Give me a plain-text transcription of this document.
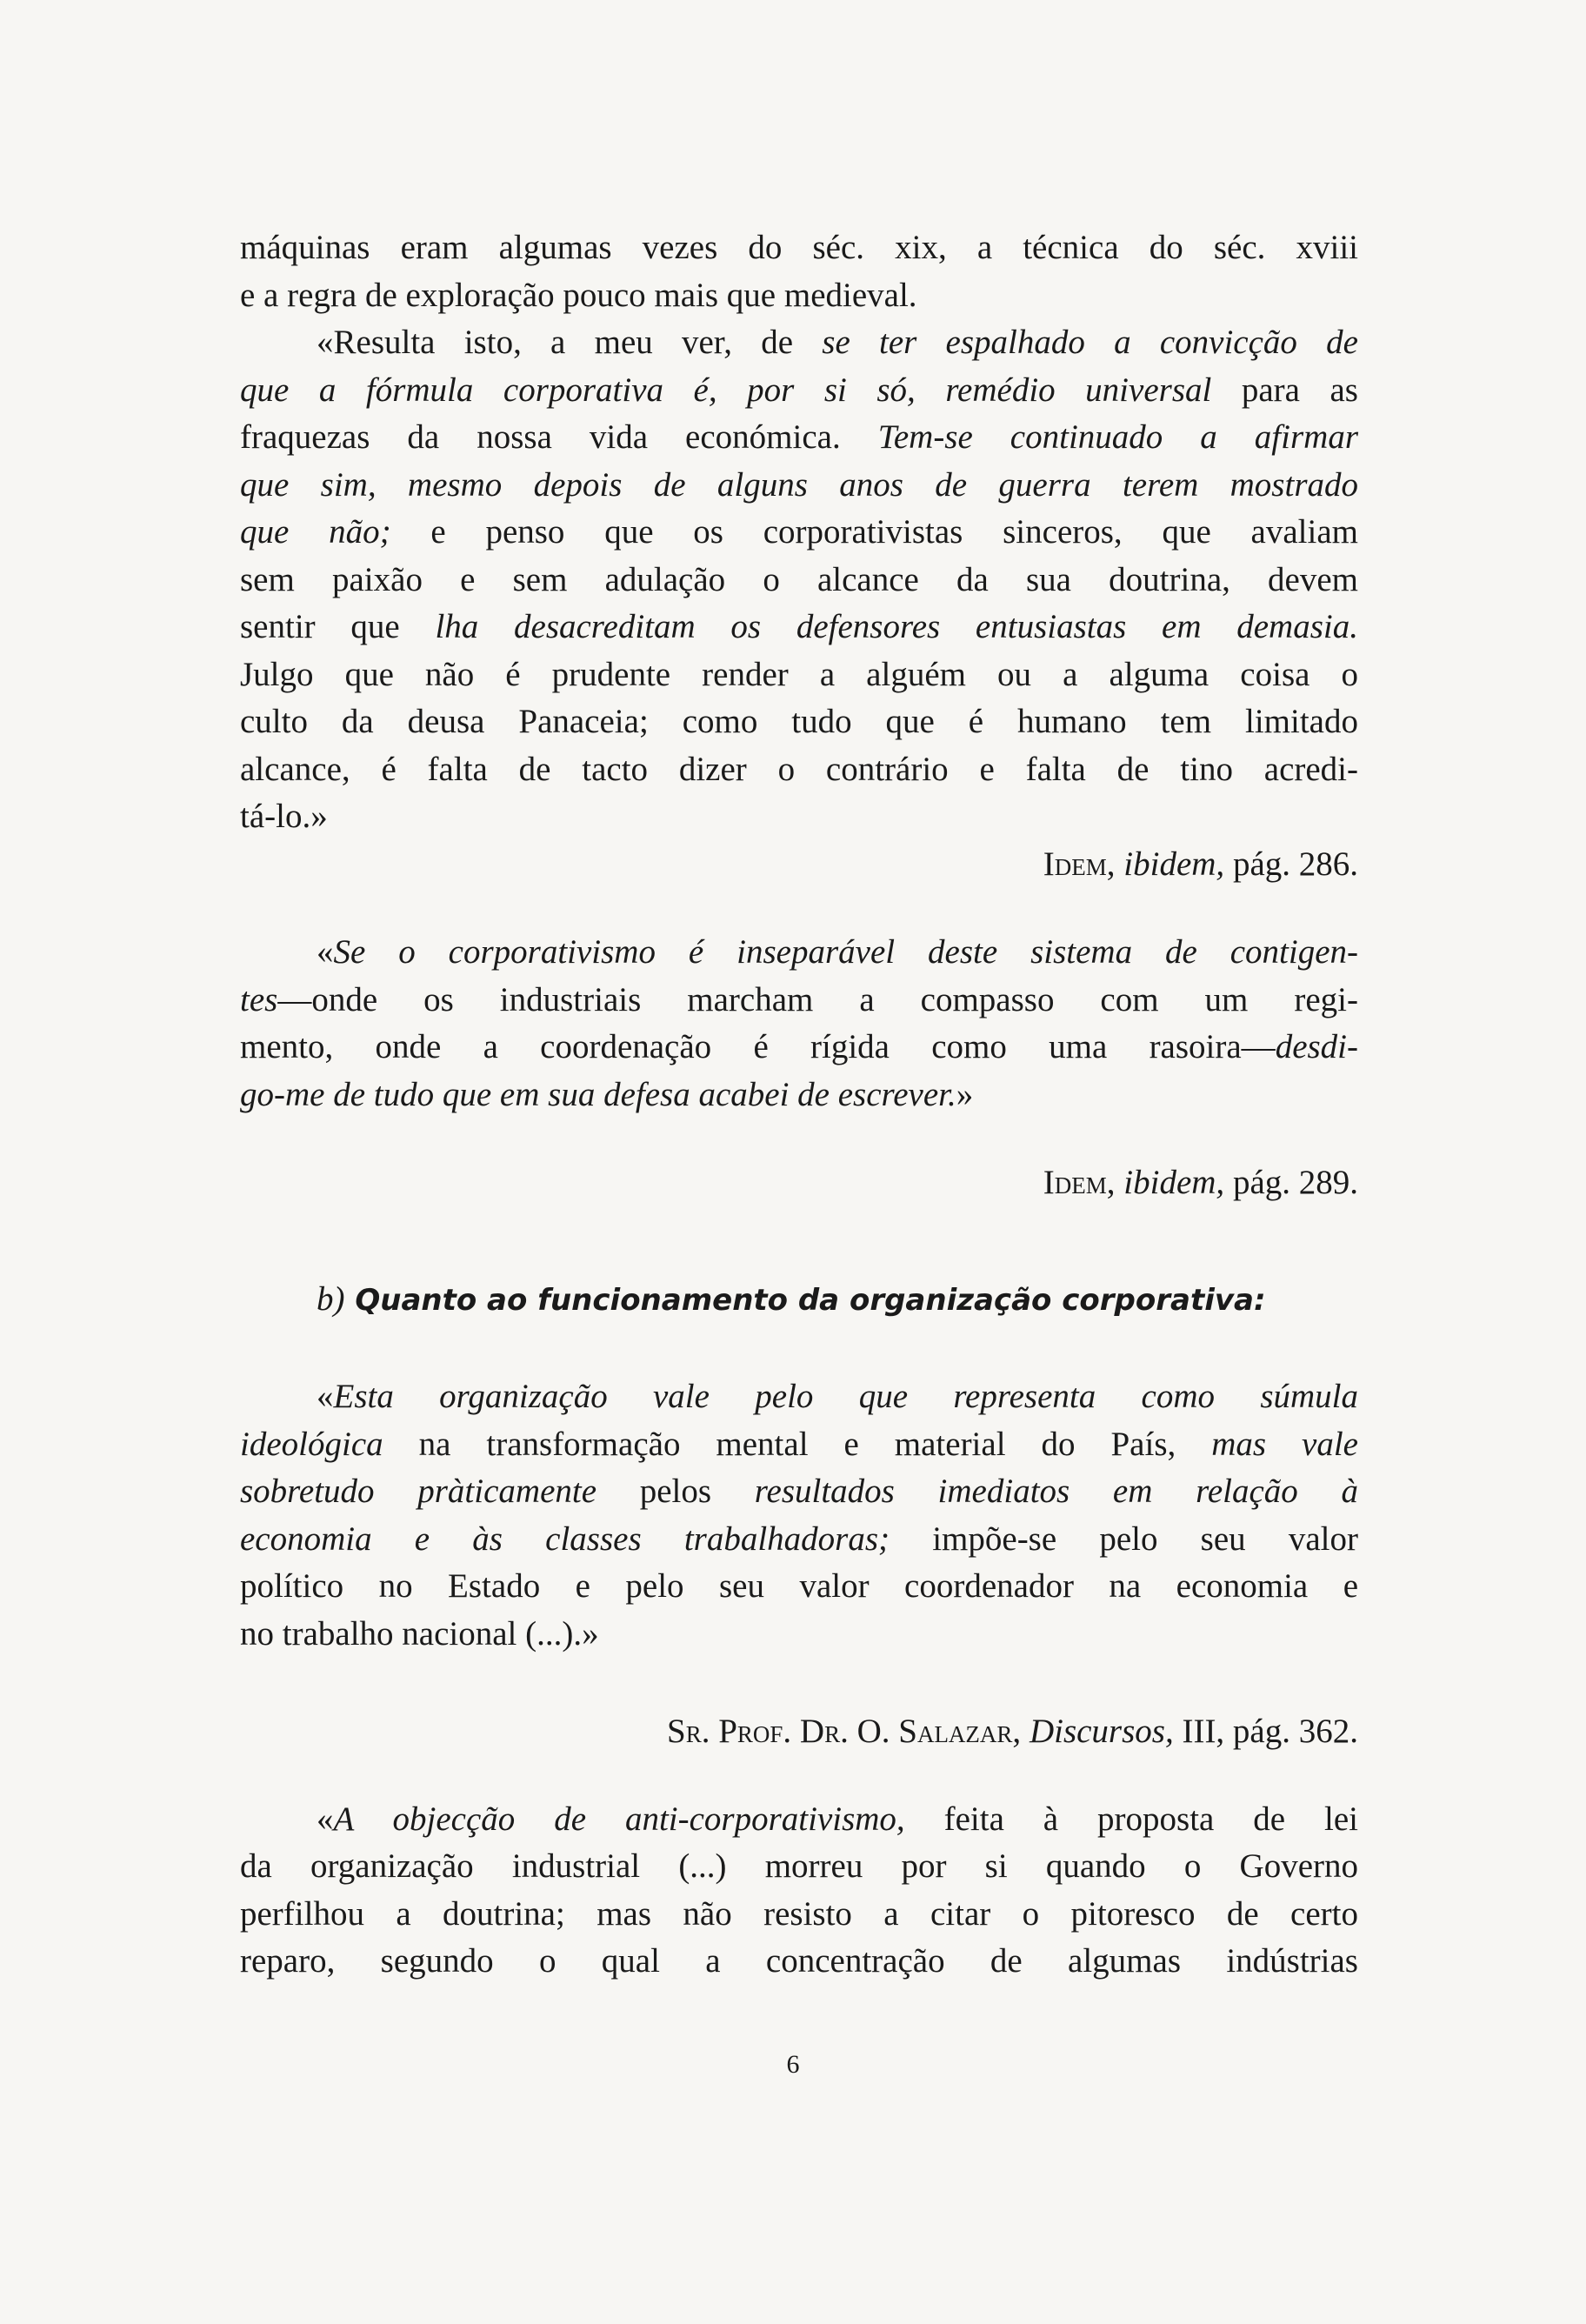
máquinas eram algumas vezes do séc. xix, a técnica do séc. xviii
e a regra de exploração pouco mais que medieval.
«Resulta isto, a meu ver, de se ter espalhado a convicção de
que a fórmula corporativa é, por si só, remédio universal para as
fraquezas da nossa vida económica. Tem-se continuado a afirmar
que sim, mesmo depois de alguns anos de guerra terem mostrado
que não; e penso que os corporativistas sinceros, que avaliam
sem paixão e sem adulação o alcance da sua doutrina, devem
sentir que lha desacreditam os defensores entusiastas em demasia.
Julgo que não é prudente render a alguém ou a alguma coisa o
culto da deusa Panaceia; como tudo que é humano tem limitado
alcance, é falta de tacto dizer o contrário e falta de tino acredi-
tá-lo.»
Idem, ibidem, pág. 286.
«Se o corporativismo é inseparável deste sistema de contigen-
tes—onde os industriais marcham a compasso com um regi-
mento, onde a coordenação é rígida como uma rasoira—desdi-
go-me de tudo que em sua defesa acabei de escrever.»
Idem, ibidem, pág. 289.
b) Quanto ao funcionamento da organização corporativa:
«Esta organização vale pelo que representa como súmula
ideológica na transformação mental e material do País, mas vale
sobretudo pràticamente pelos resultados imediatos em relação à
economia e às classes trabalhadoras; impõe-se pelo seu valor
político no Estado e pelo seu valor coordenador na economia e
no trabalho nacional (...).»
Sr. Prof. Dr. O. Salazar, Discursos, III, pág. 362.
«A objecção de anti-corporativismo, feita à proposta de lei
da organização industrial (...) morreu por si quando o Governo
perfilhou a doutrina; mas não resisto a citar o pitoresco de certo
reparo, segundo o qual a concentração de algumas indústrias
6
